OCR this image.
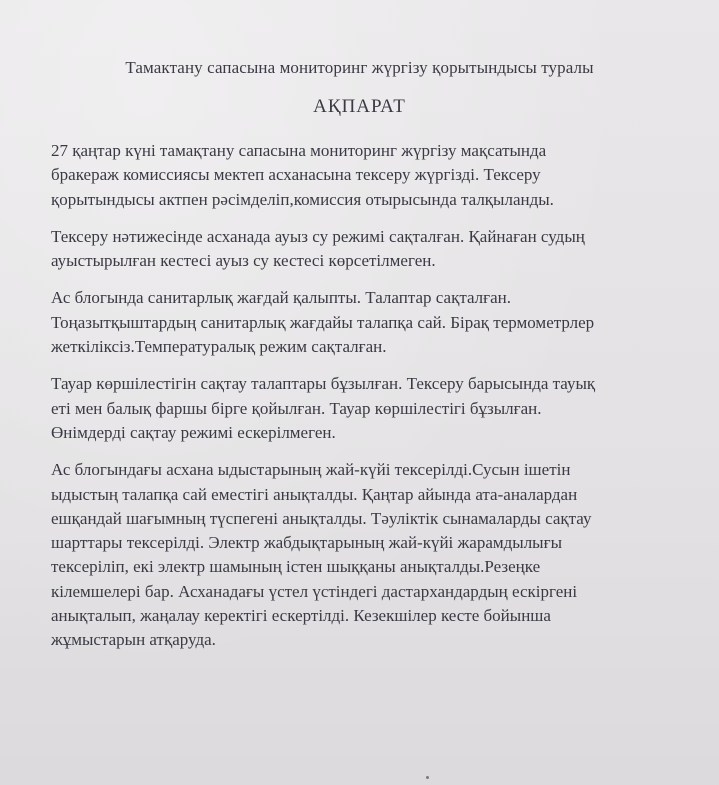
Тамактану сапасына мониторинг жүргізу қорытындысы туралы
АҚПАРАТ

27 қаңтар күні тамақтану сапасына мониторинг жүргізу мақсатында
бракераж комиссиясы мектеп асханасына тексеру жүргізді. Тексеру
қорытындысы актпен рәсімделіп,комиссия отырысында талқыланды.

Тексеру нәтижесінде асханада ауыз су режимі сақталған. Қайнаған судың
ауыстырылған кестесі ауыз су кестесі көрсетілмеген.

Ас блогында санитарлық жағдай қалыпты. Талаптар сақталған.
Тоңазытқыштардың санитарлық жағдайы талапқа сай. Бірақ термометрлер
жеткіліксіз.Температуралық режим сақталған.

Тауар көршілестігін сақтау талаптары бұзылған. Тексеру барысында тауық
еті мен балық фаршы бірге қойылған. Тауар көршілестігі бұзылған.
Өнімдерді сақтау режимі ескерілмеген.

Ас блогындағы асхана ыдыстарының жай-күйі тексерілді.Сусын ішетін
ыдыстың талапқа сай еместігі анықталды. Қаңтар айында ата-аналардан
ешқандай шағымның түспегені анықталды. Тәуліктік сынамаларды сақтау
шарттары тексерілді. Электр жабдықтарының жай-күйі жарамдылығы
тексеріліп, екі электр шамының істен шыққаны анықталды.Резеңке
кілемшелері бар. Асханадағы үстел үстіндегі дастархандардың ескіргені
анықталып, жаңалау керектігі ескертілді. Кезекшілер кесте бойынша
жұмыстарын атқаруда.
